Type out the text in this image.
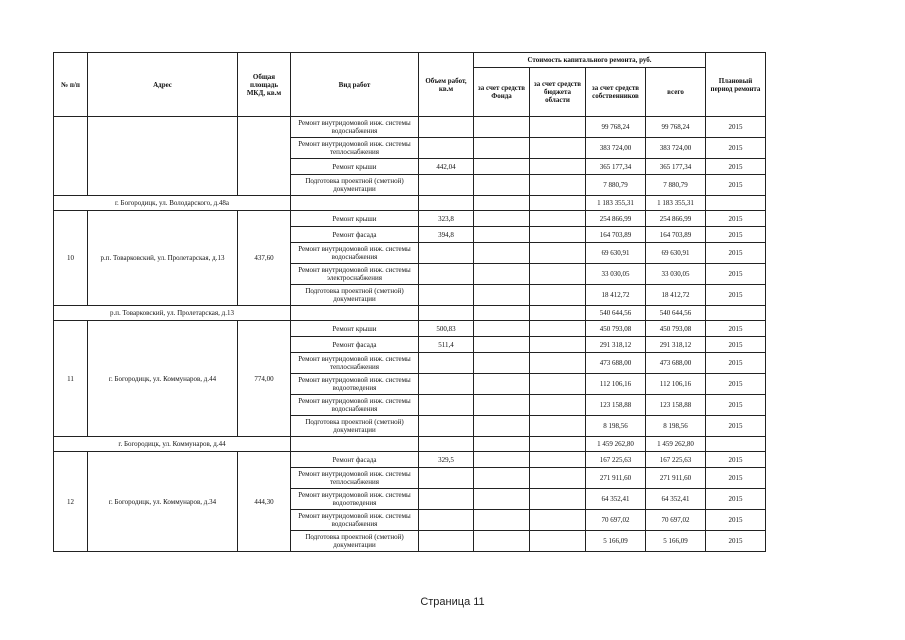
№ п/п	Адрес	Общая площадь МКД, кв.м	Вид работ	Объем работ, кв.м	Стоимость капитального ремонта, руб.				Плановый период ремонта
					за счет средств Фонда	за счет средств бюджета области	за счет средств собственников	всего	
			Ремонт внутридомовой инж. системы водоснабжения				99 768,24	99 768,24	2015
			Ремонт внутридомовой инж. системы теплоснабжения				383 724,00	383 724,00	2015
			Ремонт крыши	442,04			365 177,34	365 177,34	2015
			Подготовка проектной (сметной) документации				7 880,79	7 880,79	2015
г. Богородицк, ул. Володарского, д.48а							1 183 355,31	1 183 355,31	
10	р.п. Товарковский, ул. Пролетарская, д.13	437,60	Ремонт крыши	323,8			254 866,99	254 866,99	2015
			Ремонт фасада	394,8			164 703,89	164 703,89	2015
			Ремонт внутридомовой инж. системы водоснабжения				69 630,91	69 630,91	2015
			Ремонт внутридомовой инж. системы электроснабжения				33 030,05	33 030,05	2015
			Подготовка проектной (сметной) документации				18 412,72	18 412,72	2015
р.п. Товарковский, ул. Пролетарская, д.13							540 644,56	540 644,56	
11	г. Богородицк, ул. Коммунаров, д.44	774,00	Ремонт крыши	500,83			450 793,08	450 793,08	2015
			Ремонт фасада	511,4			291 318,12	291 318,12	2015
			Ремонт внутридомовой инж. системы теплоснабжения				473 688,00	473 688,00	2015
			Ремонт внутридомовой инж. системы водоотведения				112 106,16	112 106,16	2015
			Ремонт внутридомовой инж. системы водоснабжения				123 158,88	123 158,88	2015
			Подготовка проектной (сметной) документации				8 198,56	8 198,56	2015
г. Богородицк, ул. Коммунаров, д.44							1 459 262,80	1 459 262,80	
12	г. Богородицк, ул. Коммунаров, д.34	444,30	Ремонт фасада	329,5			167 225,63	167 225,63	2015
			Ремонт внутридомовой инж. системы теплоснабжения				271 911,60	271 911,60	2015
			Ремонт внутридомовой инж. системы водоотведения				64 352,41	64 352,41	2015
			Ремонт внутридомовой инж. системы водоснабжения				70 697,02	70 697,02	2015
			Подготовка проектной (сметной) документации				5 166,09	5 166,09	2015
Страница 11
